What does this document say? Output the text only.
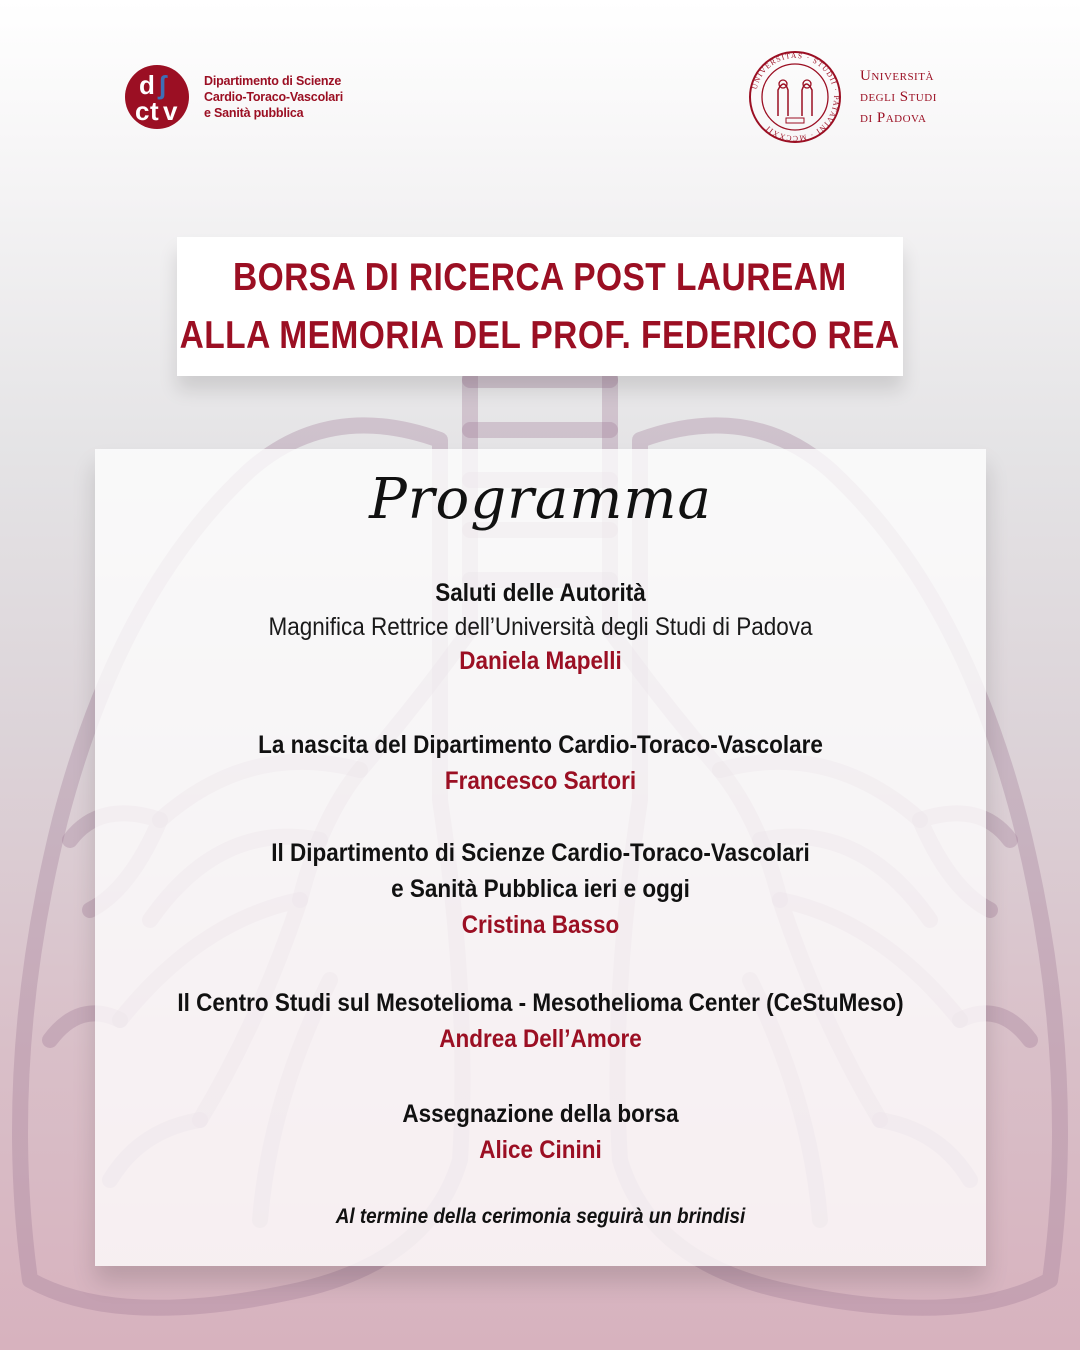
d ʃ
c t v
Dipartimento di Scienze
Cardio-Toraco-Vascolari
e Sanità pubblica
UNIVERSITAS · STUDII · PATAVINI · MCCXXII
Università
degli Studi
di Padova
BORSA DI RICERCA POST LAUREAM
ALLA MEMORIA DEL PROF. FEDERICO REA
Programma
Saluti delle Autorità
Magnifica Rettrice dell’Università degli Studi di Padova
Daniela Mapelli
La nascita del Dipartimento Cardio-Toraco-Vascolare
Francesco Sartori
Il Dipartimento di Scienze Cardio-Toraco-Vascolari
e Sanità Pubblica ieri e oggi
Cristina Basso
Il Centro Studi sul Mesotelioma - Mesothelioma Center (CeStuMeso)
Andrea Dell’Amore
Assegnazione della borsa
Alice Cinini
Al termine della cerimonia seguirà un brindisi
